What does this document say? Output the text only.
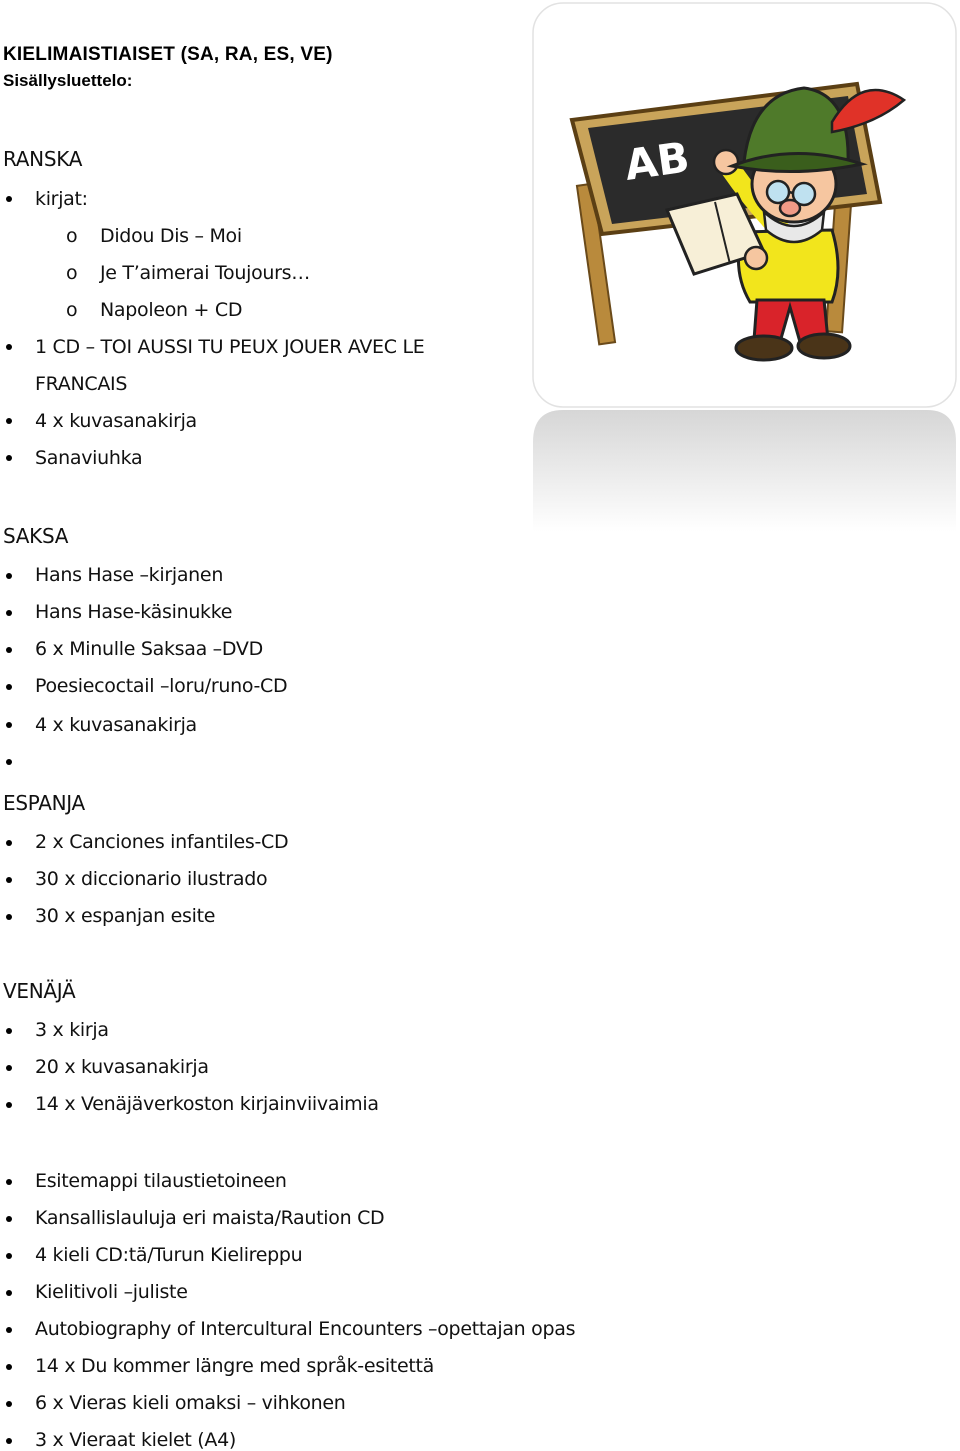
KIELIMAISTIAISET (SA, RA, ES, VE)
Sisällysluettelo:
AB
RANSKA
kirjat:
o Didou Dis – Moi
o Je T’aimerai Toujours…
o Napoleon + CD
1 CD – TOI AUSSI TU PEUX JOUER AVEC LE
FRANCAIS
4 x kuvasanakirja
Sanaviuhka
SAKSA
Hans Hase –kirjanen
Hans Hase-käsinukke
6 x Minulle Saksaa –DVD
Poesiecoctail –loru/runo-CD
4 x kuvasanakirja
ESPANJA
2 x Canciones infantiles-CD
30 x diccionario ilustrado
30 x espanjan esite
VENÄJÄ
3 x kirja
20 x kuvasanakirja
14 x Venäjäverkoston kirjainviivaimia
Esitemappi tilaustietoineen
Kansallislauluja eri maista/Raution CD
4 kieli CD:tä/Turun Kielireppu
Kielitivoli –juliste
Autobiography of Intercultural Encounters –opettajan opas
14 x Du kommer längre med språk-esitettä
6 x Vieras kieli omaksi – vihkonen
3 x Vieraat kielet (A4)
